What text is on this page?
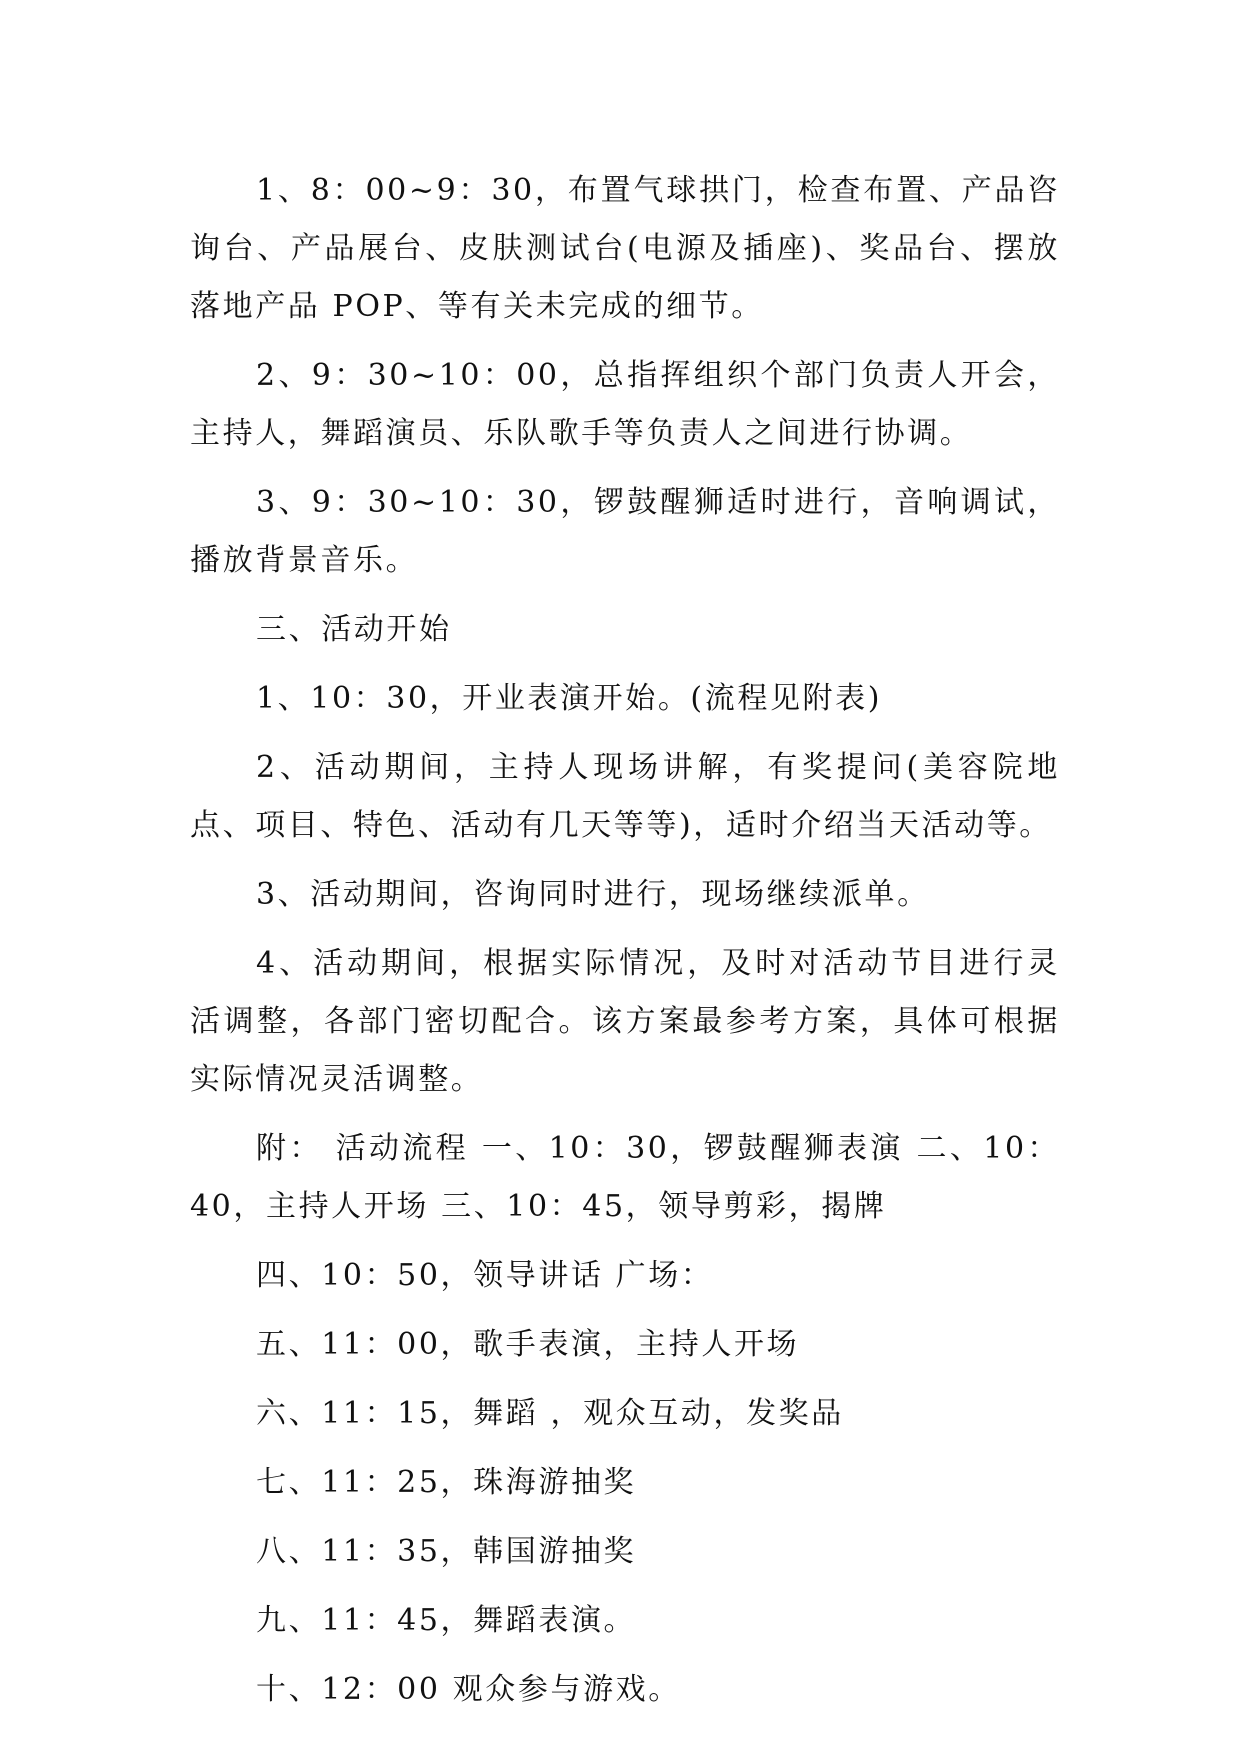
1、8：00~9：30，布置气球拱门，检查布置、产品咨询台、产品展台、皮肤测试台(电源及插座)、奖品台、摆放落地产品 POP、等有关未完成的细节。

2、9：30~10：00，总指挥组织个部门负责人开会，主持人，舞蹈演员、乐队歌手等负责人之间进行协调。

3、9：30~10：30，锣鼓醒狮适时进行，音响调试，播放背景音乐。

三、活动开始

1、10：30，开业表演开始。(流程见附表)

2、活动期间，主持人现场讲解，有奖提问(美容院地点、项目、特色、活动有几天等等)，适时介绍当天活动等。

3、活动期间，咨询同时进行，现场继续派单。

4、活动期间，根据实际情况，及时对活动节目进行灵活调整，各部门密切配合。该方案最参考方案，具体可根据实际情况灵活调整。

附： 活动流程 一、10：30，锣鼓醒狮表演 二、10：40，主持人开场 三、10：45，领导剪彩，揭牌

四、10：50，领导讲话 广场：

五、11：00，歌手表演，主持人开场

六、11：15，舞蹈 ，观众互动，发奖品

七、11：25，珠海游抽奖

八、11：35，韩国游抽奖

九、11：45，舞蹈表演。

十、12：00 观众参与游戏。
